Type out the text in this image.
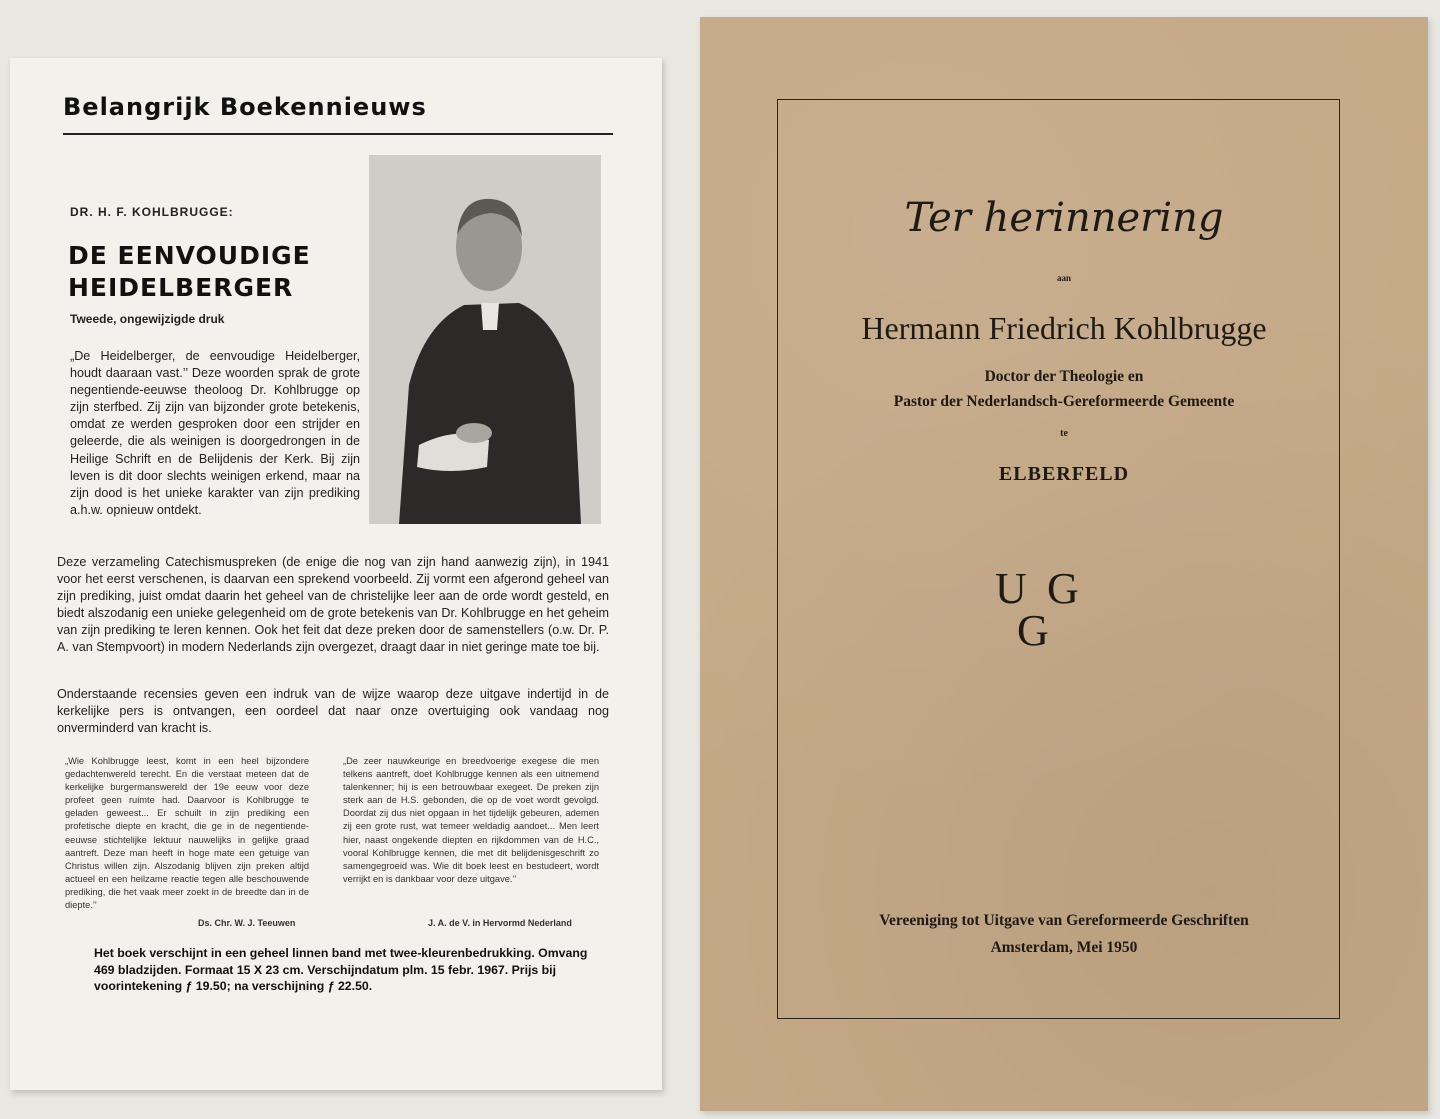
Belangrijk Boekennieuws
DR. H. F. KOHLBRUGGE:
DE EENVOUDIGE
HEIDELBERGER
Tweede, ongewijzigde druk
„De Heidelberger, de eenvoudige Heidelberger, houdt daaraan vast.’’ Deze woorden sprak de grote negentiende-eeuwse theoloog Dr. Kohlbrugge op zijn sterfbed. Zij zijn van bijzonder grote betekenis, omdat ze werden gesproken door een strijder en geleerde, die als weinigen is doorgedrongen in de Heilige Schrift en de Belijdenis der Kerk. Bij zijn leven is dit door slechts weinigen erkend, maar na zijn dood is het unieke karakter van zijn prediking a.h.w. opnieuw ontdekt.
Deze verzameling Catechismuspreken (de enige die nog van zijn hand aanwezig zijn), in 1941 voor het eerst verschenen, is daarvan een sprekend voorbeeld. Zij vormt een afgerond geheel van zijn prediking, juist omdat daarin het geheel van de christelijke leer aan de orde wordt gesteld, en biedt alszodanig een unieke gelegenheid om de grote betekenis van Dr. Kohlbrugge en het geheim van zijn prediking te leren kennen. Ook het feit dat deze preken door de samenstellers (o.w. Dr. P. A. van Stempvoort) in modern Nederlands zijn overgezet, draagt daar in niet geringe mate toe bij.
Onderstaande recensies geven een indruk van de wijze waarop deze uitgave indertijd in de kerkelijke pers is ontvangen, een oordeel dat naar onze overtuiging ook vandaag nog onverminderd van kracht is.
„Wie Kohlbrugge leest, komt in een heel bijzondere gedachtenwereld terecht. En die verstaat meteen dat de kerkelijke burgermanswereld der 19e eeuw voor deze profeet geen ruimte had. Daarvoor is Kohlbrugge te geladen geweest... Er schuilt in zijn prediking een profetische diepte en kracht, die ge in de negentiende-eeuwse stichtelijke lektuur nauwelijks in gelijke graad aantreft. Deze man heeft in hoge mate een getuige van Christus willen zijn. Alszodanig blijven zijn preken altijd actueel en een heilzame reactie tegen alle beschouwende prediking, die het vaak meer zoekt in de breedte dan in de diepte.’’
„De zeer nauwkeurige en breedvoerige exegese die men telkens aantreft, doet Kohlbrugge kennen als een uitnemend talenkenner; hij is een betrouwbaar exegeet. De preken zijn sterk aan de H.S. gebonden, die op de voet wordt gevolgd. Doordat zij dus niet opgaan in het tijdelijk gebeuren, ademen zij een grote rust, wat temeer weldadig aandoet... Men leert hier, naast ongekende diepten en rijkdommen van de H.C., vooral Kohlbrugge kennen, die met dit belijdenisgeschrift zo samengegroeid was. Wie dit boek leest en bestudeert, wordt verrijkt en is dankbaar voor deze uitgave.’’
Ds. Chr. W. J. Teeuwen	J. A. de V. in Hervormd Nederland
Het boek verschijnt in een geheel linnen band met twee-kleurenbedrukking. Omvang 469 bladzijden. Formaat 15 X 23 cm. Verschijndatum plm. 15 febr. 1967. Prijs bij voorintekening ƒ 19.50; na verschijning ƒ 22.50.
Ter herinnering
aan
Hermann Friedrich Kohlbrugge
Doctor der Theologie en
Pastor der Nederlandsch-Gereformeerde Gemeente
te
ELBERFELD
U G
G
Vereeniging tot Uitgave van Gereformeerde Geschriften
Amsterdam, Mei 1950
